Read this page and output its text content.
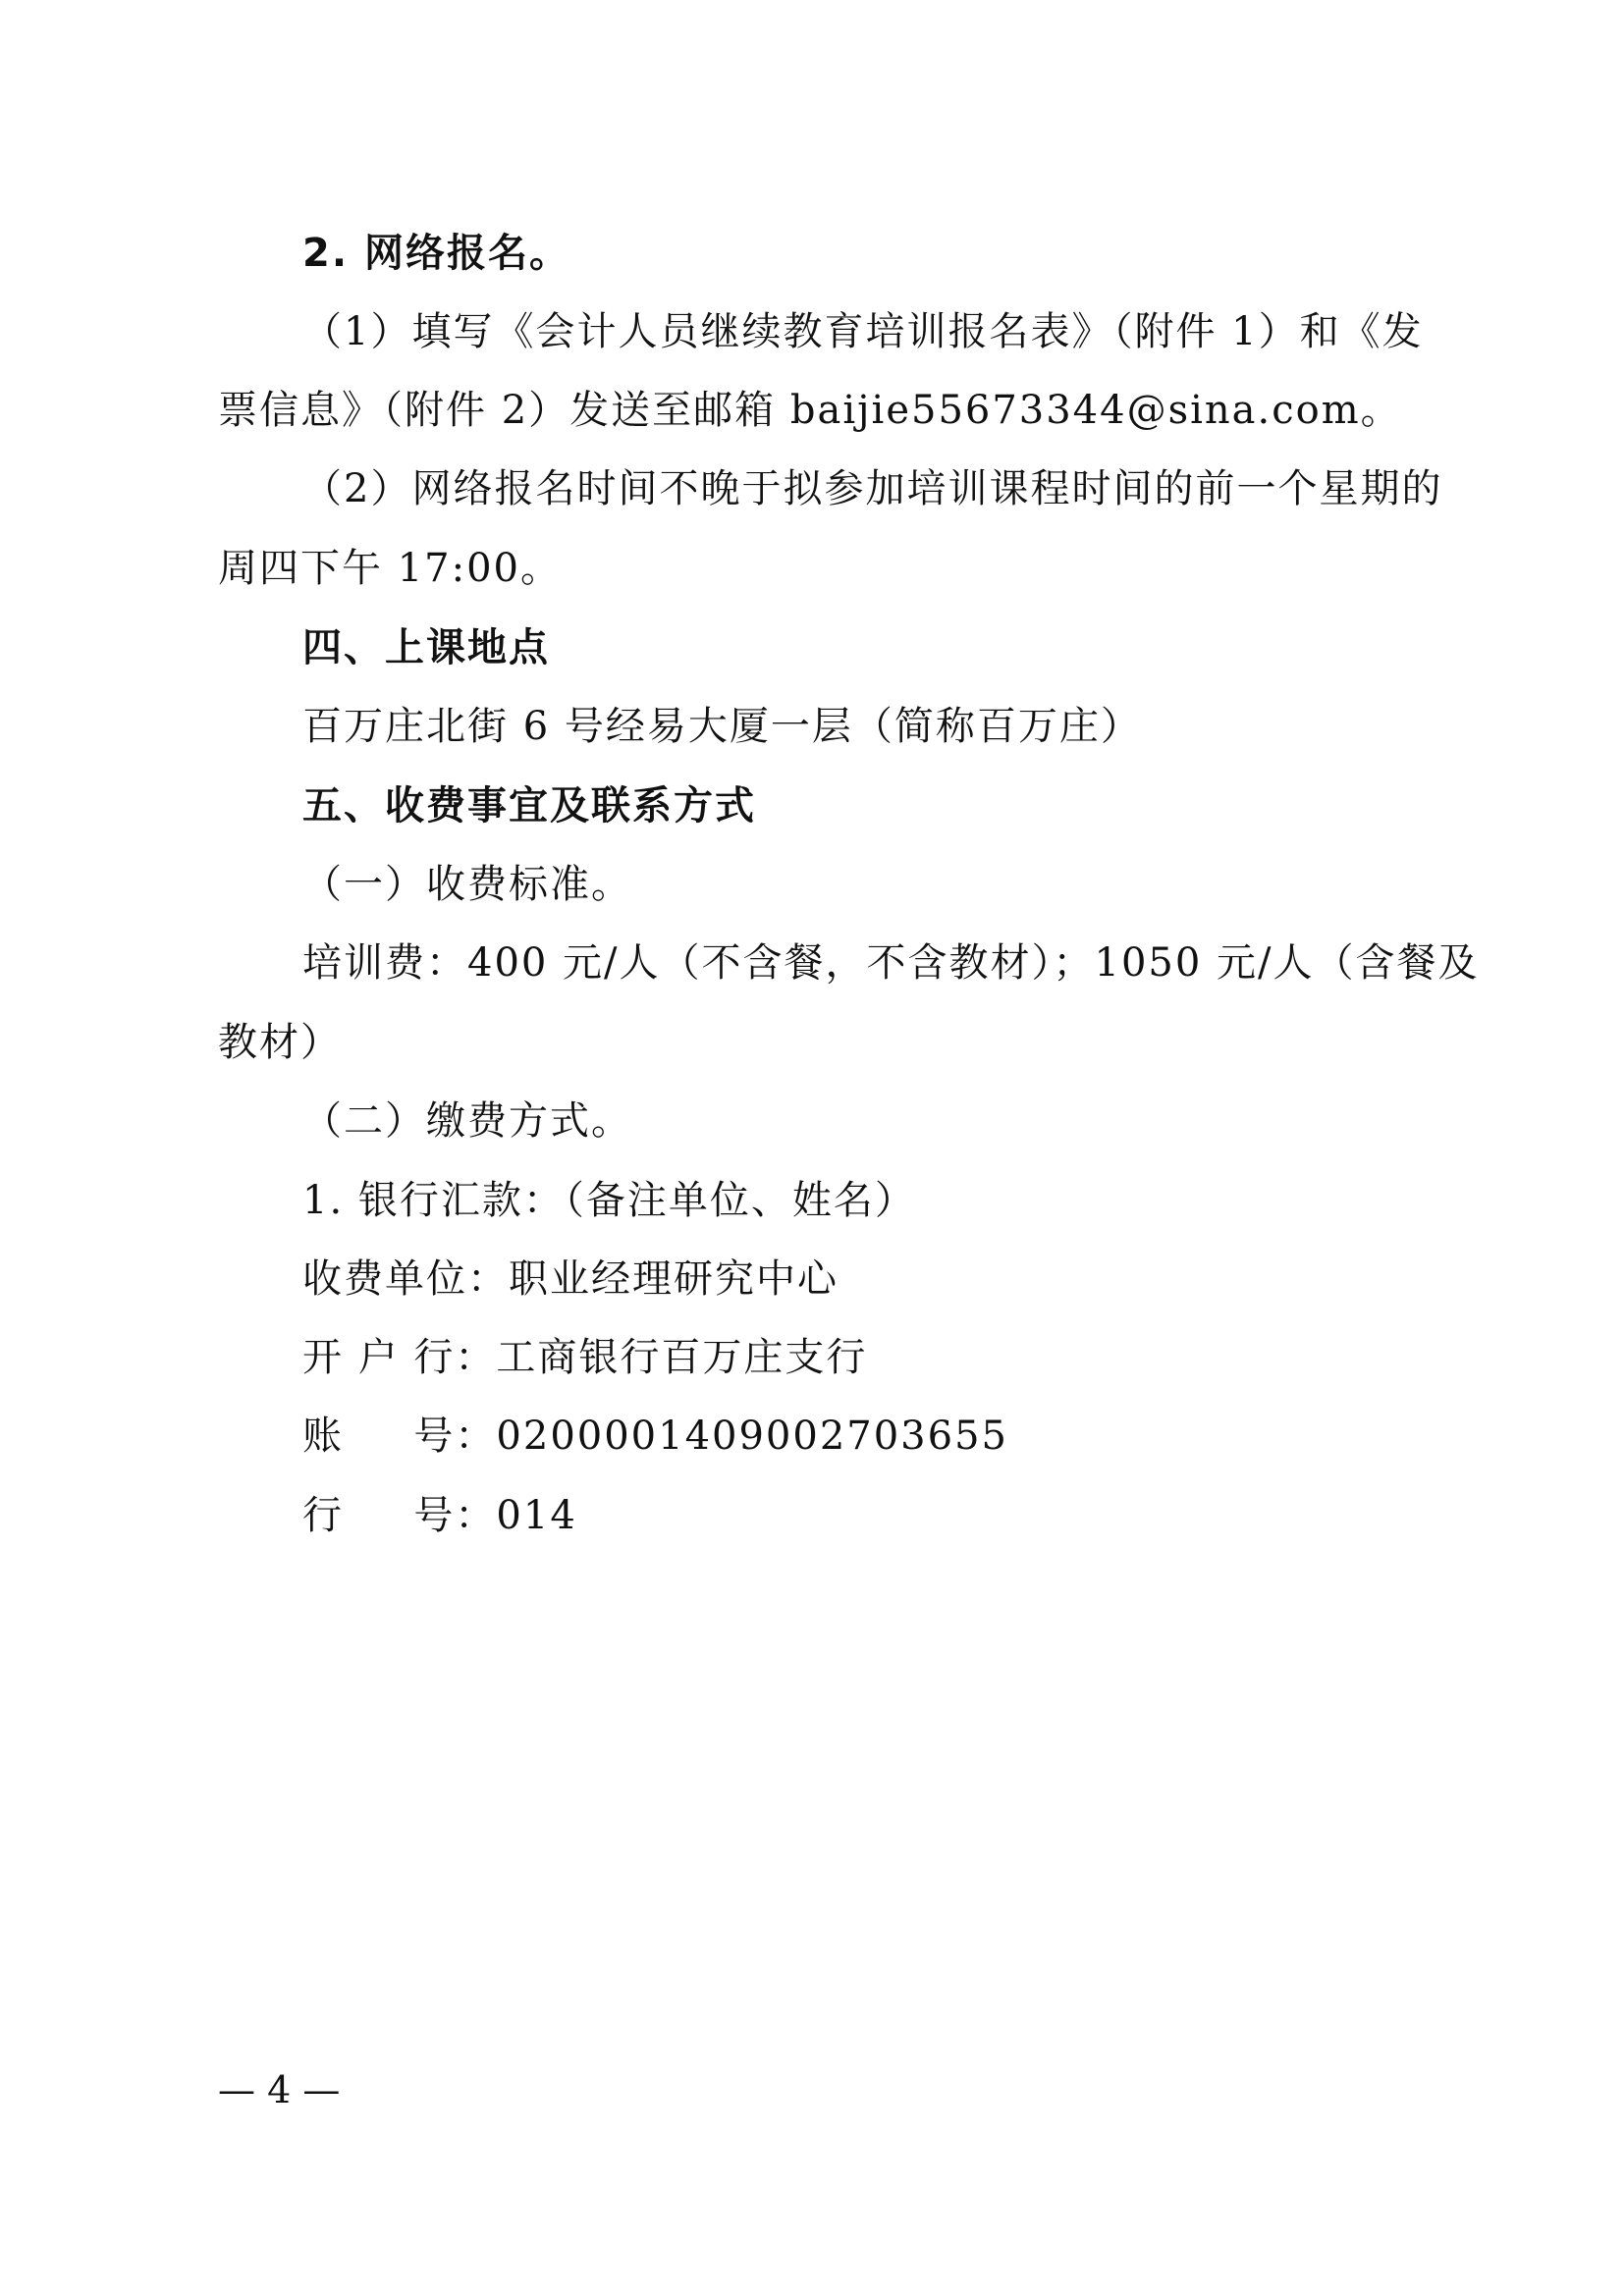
2. 网络报名。
（1）填写《会计人员继续教育培训报名表》（附件 1）和《发
票信息》（附件 2）发送至邮箱 baijie55673344@sina.com。
（2）网络报名时间不晚于拟参加培训课程时间的前一个星期的
周四下午 17:00。
四、上课地点
百万庄北街 6 号经易大厦一层（简称百万庄）
五、收费事宜及联系方式
（一）收费标准。
培训费：400 元/人（不含餐，不含教材）；1050 元/人（含餐及
教材）
（二）缴费方式。
1. 银行汇款：（备注单位、姓名）
收费单位：职业经理研究中心
开 户 行：工商银行百万庄支行
账 　 号：0200001409002703655
行 　 号：014
— 4 —
